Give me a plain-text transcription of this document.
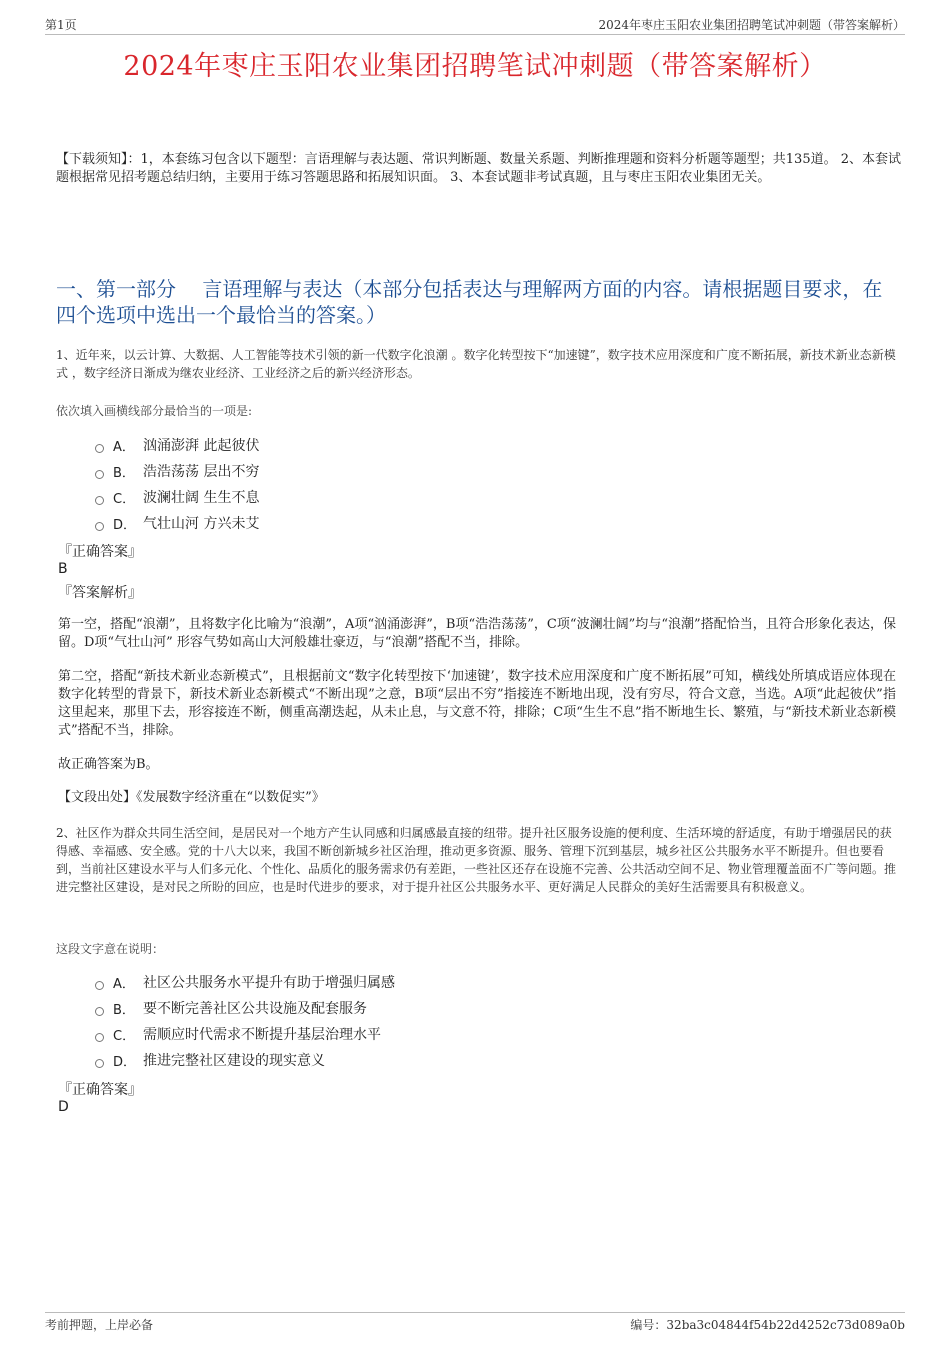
第1页	2024年枣庄玉阳农业集团招聘笔试冲刺题（带答案解析）
2024年枣庄玉阳农业集团招聘笔试冲刺题（带答案解析）
【下载须知】：1，本套练习包含以下题型：言语理解与表达题、常识判断题、数量关系题、判断推理题和资料分析题等题型；共135道。 2、本套试题根据常见招考题总结归纳，主要用于练习答题思路和拓展知识面。 3、本套试题非考试真题，且与枣庄玉阳农业集团无关。
一、第一部分　 言语理解与表达（本部分包括表达与理解两方面的内容。请根据题目要求，在四个选项中选出一个最恰当的答案。）
1、近年来，以云计算、大数据、人工智能等技术引领的新一代数字化浪潮 。数字化转型按下“加速键”，数字技术应用深度和广度不断拓展，新技术新业态新模式 ，数字经济日渐成为继农业经济、工业经济之后的新兴经济形态。
依次填入画横线部分最恰当的一项是:
A． 汹涌澎湃 此起彼伏
B． 浩浩荡荡 层出不穷
C． 波澜壮阔 生生不息
D． 气壮山河 方兴未艾
『正确答案』
B
『答案解析』
第一空，搭配“浪潮”，且将数字化比喻为“浪潮”，A项“汹涌澎湃”，B项“浩浩荡荡”，C项“波澜壮阔”均与“浪潮”搭配恰当，且符合形象化表达，保留。D项“气壮山河” 形容气势如高山大河般雄壮豪迈，与“浪潮”搭配不当，排除。
第二空，搭配“新技术新业态新模式”，且根据前文“数字化转型按下‘加速键’，数字技术应用深度和广度不断拓展”可知，横线处所填成语应体现在数字化转型的背景下，新技术新业态新模式“不断出现”之意，B项“层出不穷”指接连不断地出现，没有穷尽，符合文意，当选。A项“此起彼伏”指这里起来，那里下去，形容接连不断，侧重高潮迭起，从未止息，与文意不符，排除；C项“生生不息”指不断地生长、繁殖，与“新技术新业态新模式”搭配不当，排除。
故正确答案为B。
【文段出处】《发展数字经济重在“以数促实”》
2、社区作为群众共同生活空间，是居民对一个地方产生认同感和归属感最直接的纽带。提升社区服务设施的便利度、生活环境的舒适度，有助于增强居民的获得感、幸福感、安全感。党的十八大以来，我国不断创新城乡社区治理，推动更多资源、服务、管理下沉到基层，城乡社区公共服务水平不断提升。但也要看到，当前社区建设水平与人们多元化、个性化、品质化的服务需求仍有差距，一些社区还存在设施不完善、公共活动空间不足、物业管理覆盖面不广等问题。推进完整社区建设，是对民之所盼的回应，也是时代进步的要求，对于提升社区公共服务水平、更好满足人民群众的美好生活需要具有积极意义。
这段文字意在说明：
A． 社区公共服务水平提升有助于增强归属感
B． 要不断完善社区公共设施及配套服务
C． 需顺应时代需求不断提升基层治理水平
D． 推进完整社区建设的现实意义
『正确答案』
D
考前押题，上岸必备	编号：32ba3c04844f54b22d4252c73d089a0b
